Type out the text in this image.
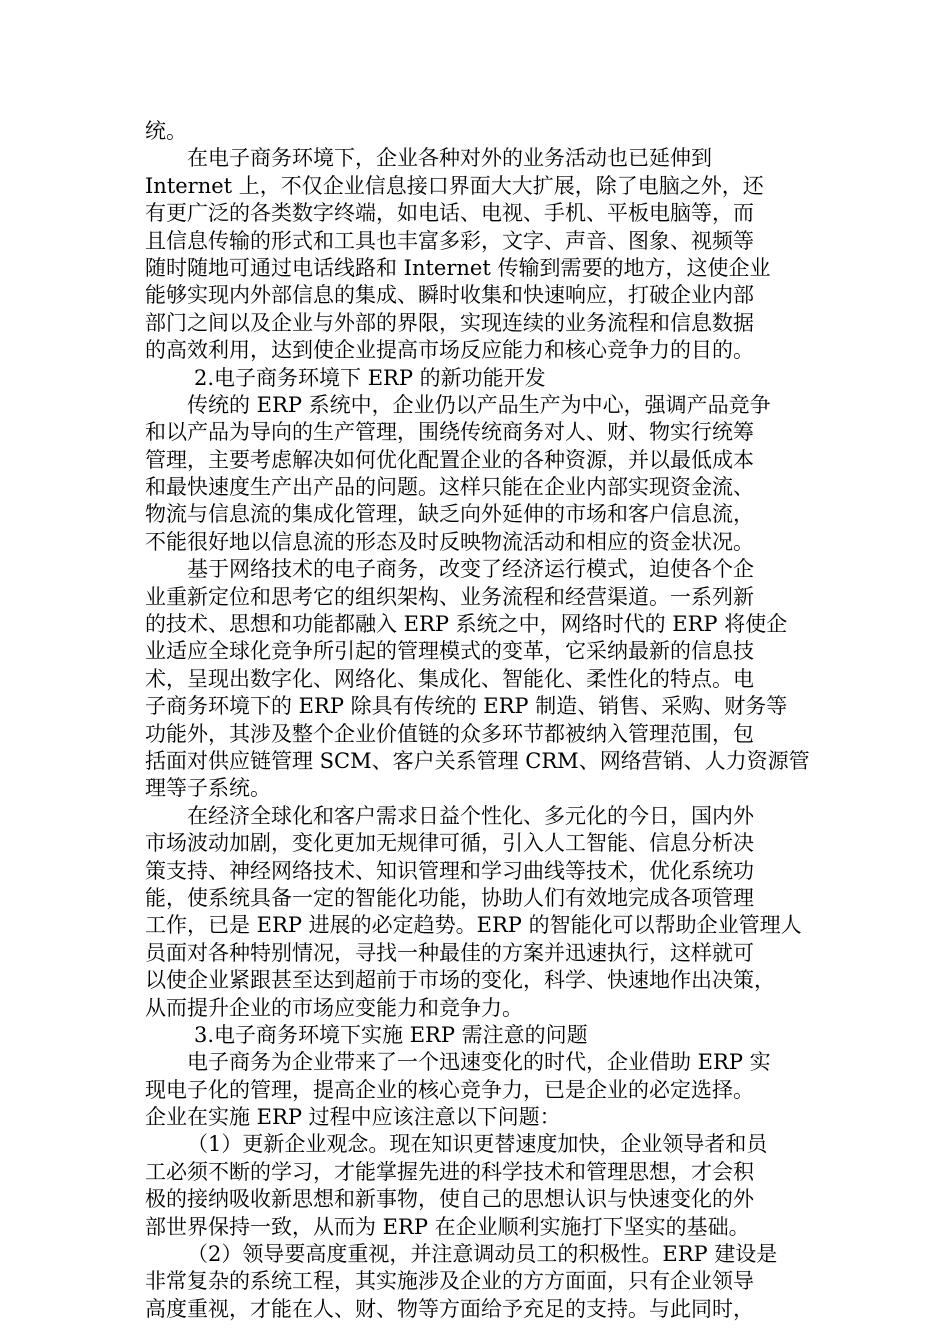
统。
在电子商务环境下，企业各种对外的业务活动也已延伸到
Internet 上，不仅企业信息接口界面大大扩展，除了电脑之外，还
有更广泛的各类数字终端，如电话、电视、手机、平板电脑等，而
且信息传输的形式和工具也丰富多彩，文字、声音、图象、视频等
随时随地可通过电话线路和 Internet 传输到需要的地方，这使企业
能够实现内外部信息的集成、瞬时收集和快速响应，打破企业内部
部门之间以及企业与外部的界限，实现连续的业务流程和信息数据
的高效利用，达到使企业提高市场反应能力和核心竞争力的目的。
2.电子商务环境下 ERP 的新功能开发
传统的 ERP 系统中，企业仍以产品生产为中心，强调产品竞争
和以产品为导向的生产管理，围绕传统商务对人、财、物实行统筹
管理，主要考虑解决如何优化配置企业的各种资源，并以最低成本
和最快速度生产出产品的问题。这样只能在企业内部实现资金流、
物流与信息流的集成化管理，缺乏向外延伸的市场和客户信息流，
不能很好地以信息流的形态及时反映物流活动和相应的资金状况。
基于网络技术的电子商务，改变了经济运行模式，迫使各个企
业重新定位和思考它的组织架构、业务流程和经营渠道。一系列新
的技术、思想和功能都融入 ERP 系统之中，网络时代的 ERP 将使企
业适应全球化竞争所引起的管理模式的变革，它采纳最新的信息技
术，呈现出数字化、网络化、集成化、智能化、柔性化的特点。电
子商务环境下的 ERP 除具有传统的 ERP 制造、销售、采购、财务等
功能外，其涉及整个企业价值链的众多环节都被纳入管理范围，包
括面对供应链管理 SCM、客户关系管理 CRM、网络营销、人力资源管
理等子系统。
在经济全球化和客户需求日益个性化、多元化的今日，国内外
市场波动加剧，变化更加无规律可循，引入人工智能、信息分析决
策支持、神经网络技术、知识管理和学习曲线等技术，优化系统功
能，使系统具备一定的智能化功能，协助人们有效地完成各项管理
工作，已是 ERP 进展的必定趋势。ERP 的智能化可以帮助企业管理人
员面对各种特别情况，寻找一种最佳的方案并迅速执行，这样就可
以使企业紧跟甚至达到超前于市场的变化，科学、快速地作出决策，
从而提升企业的市场应变能力和竞争力。
3.电子商务环境下实施 ERP 需注意的问题
电子商务为企业带来了一个迅速变化的时代，企业借助 ERP 实
现电子化的管理，提高企业的核心竞争力，已是企业的必定选择。
企业在实施 ERP 过程中应该注意以下问题：
（1）更新企业观念。现在知识更替速度加快，企业领导者和员
工必须不断的学习，才能掌握先进的科学技术和管理思想，才会积
极的接纳吸收新思想和新事物，使自己的思想认识与快速变化的外
部世界保持一致，从而为 ERP 在企业顺利实施打下坚实的基础。
（2）领导要高度重视，并注意调动员工的积极性。ERP 建设是
非常复杂的系统工程，其实施涉及企业的方方面面，只有企业领导
高度重视，才能在人、财、物等方面给予充足的支持。与此同时，
